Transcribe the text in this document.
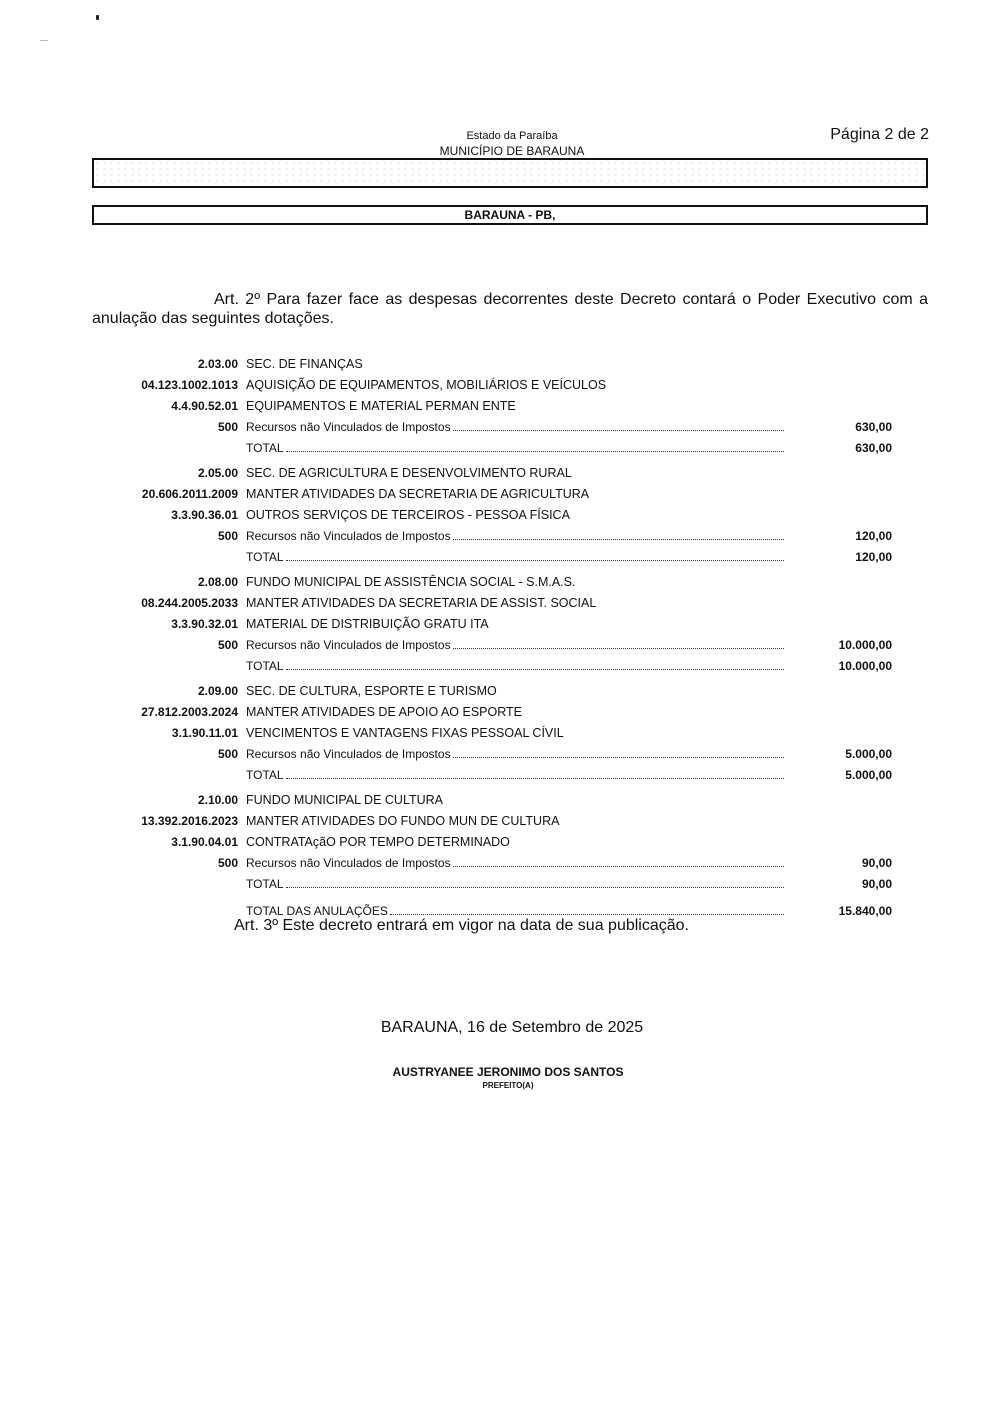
Estado da Paraíba
MUNICÍPIO DE BARAUNA
Página 2 de 2
BARAUNA - PB,
Art. 2º Para fazer face as despesas decorrentes deste Decreto contará o Poder Executivo com a anulação das seguintes dotações.
2.03.00 SEC. DE FINANÇAS
04.123.1002.1013 AQUISIÇÃO DE EQUIPAMENTOS, MOBILIÁRIOS E VEÍCULOS
4.4.90.52.01 EQUIPAMENTOS E MATERIAL PERMAN ENTE
500 Recursos não Vinculados de Impostos	630,00
TOTAL	630,00
2.05.00 SEC. DE AGRICULTURA E DESENVOLVIMENTO RURAL
20.606.2011.2009 MANTER ATIVIDADES DA SECRETARIA DE AGRICULTURA
3.3.90.36.01 OUTROS SERVIÇOS DE TERCEIROS - PESSOA FÍSICA
500 Recursos não Vinculados de Impostos	120,00
TOTAL	120,00
2.08.00 FUNDO MUNICIPAL DE ASSISTÊNCIA SOCIAL - S.M.A.S.
08.244.2005.2033 MANTER ATIVIDADES DA SECRETARIA DE ASSIST. SOCIAL
3.3.90.32.01 MATERIAL DE DISTRIBUIÇÃO GRATU ITA
500 Recursos não Vinculados de Impostos	10.000,00
TOTAL	10.000,00
2.09.00 SEC. DE CULTURA, ESPORTE E TURISMO
27.812.2003.2024 MANTER ATIVIDADES DE APOIO AO ESPORTE
3.1.90.11.01 VENCIMENTOS E VANTAGENS FIXAS PESSOAL CÍVIL
500 Recursos não Vinculados de Impostos	5.000,00
TOTAL	5.000,00
2.10.00 FUNDO MUNICIPAL DE CULTURA
13.392.2016.2023 MANTER ATIVIDADES DO FUNDO MUN DE CULTURA
3.1.90.04.01 CONTRATAçãO POR TEMPO DETERMINADO
500 Recursos não Vinculados de Impostos	90,00
TOTAL	90,00
TOTAL DAS ANULAÇÕES	15.840,00
Art. 3º Este decreto entrará em vigor na data de sua publicação.
BARAUNA, 16 de Setembro de 2025
AUSTRYANEE JERONIMO DOS SANTOS
PREFEITO(A)
